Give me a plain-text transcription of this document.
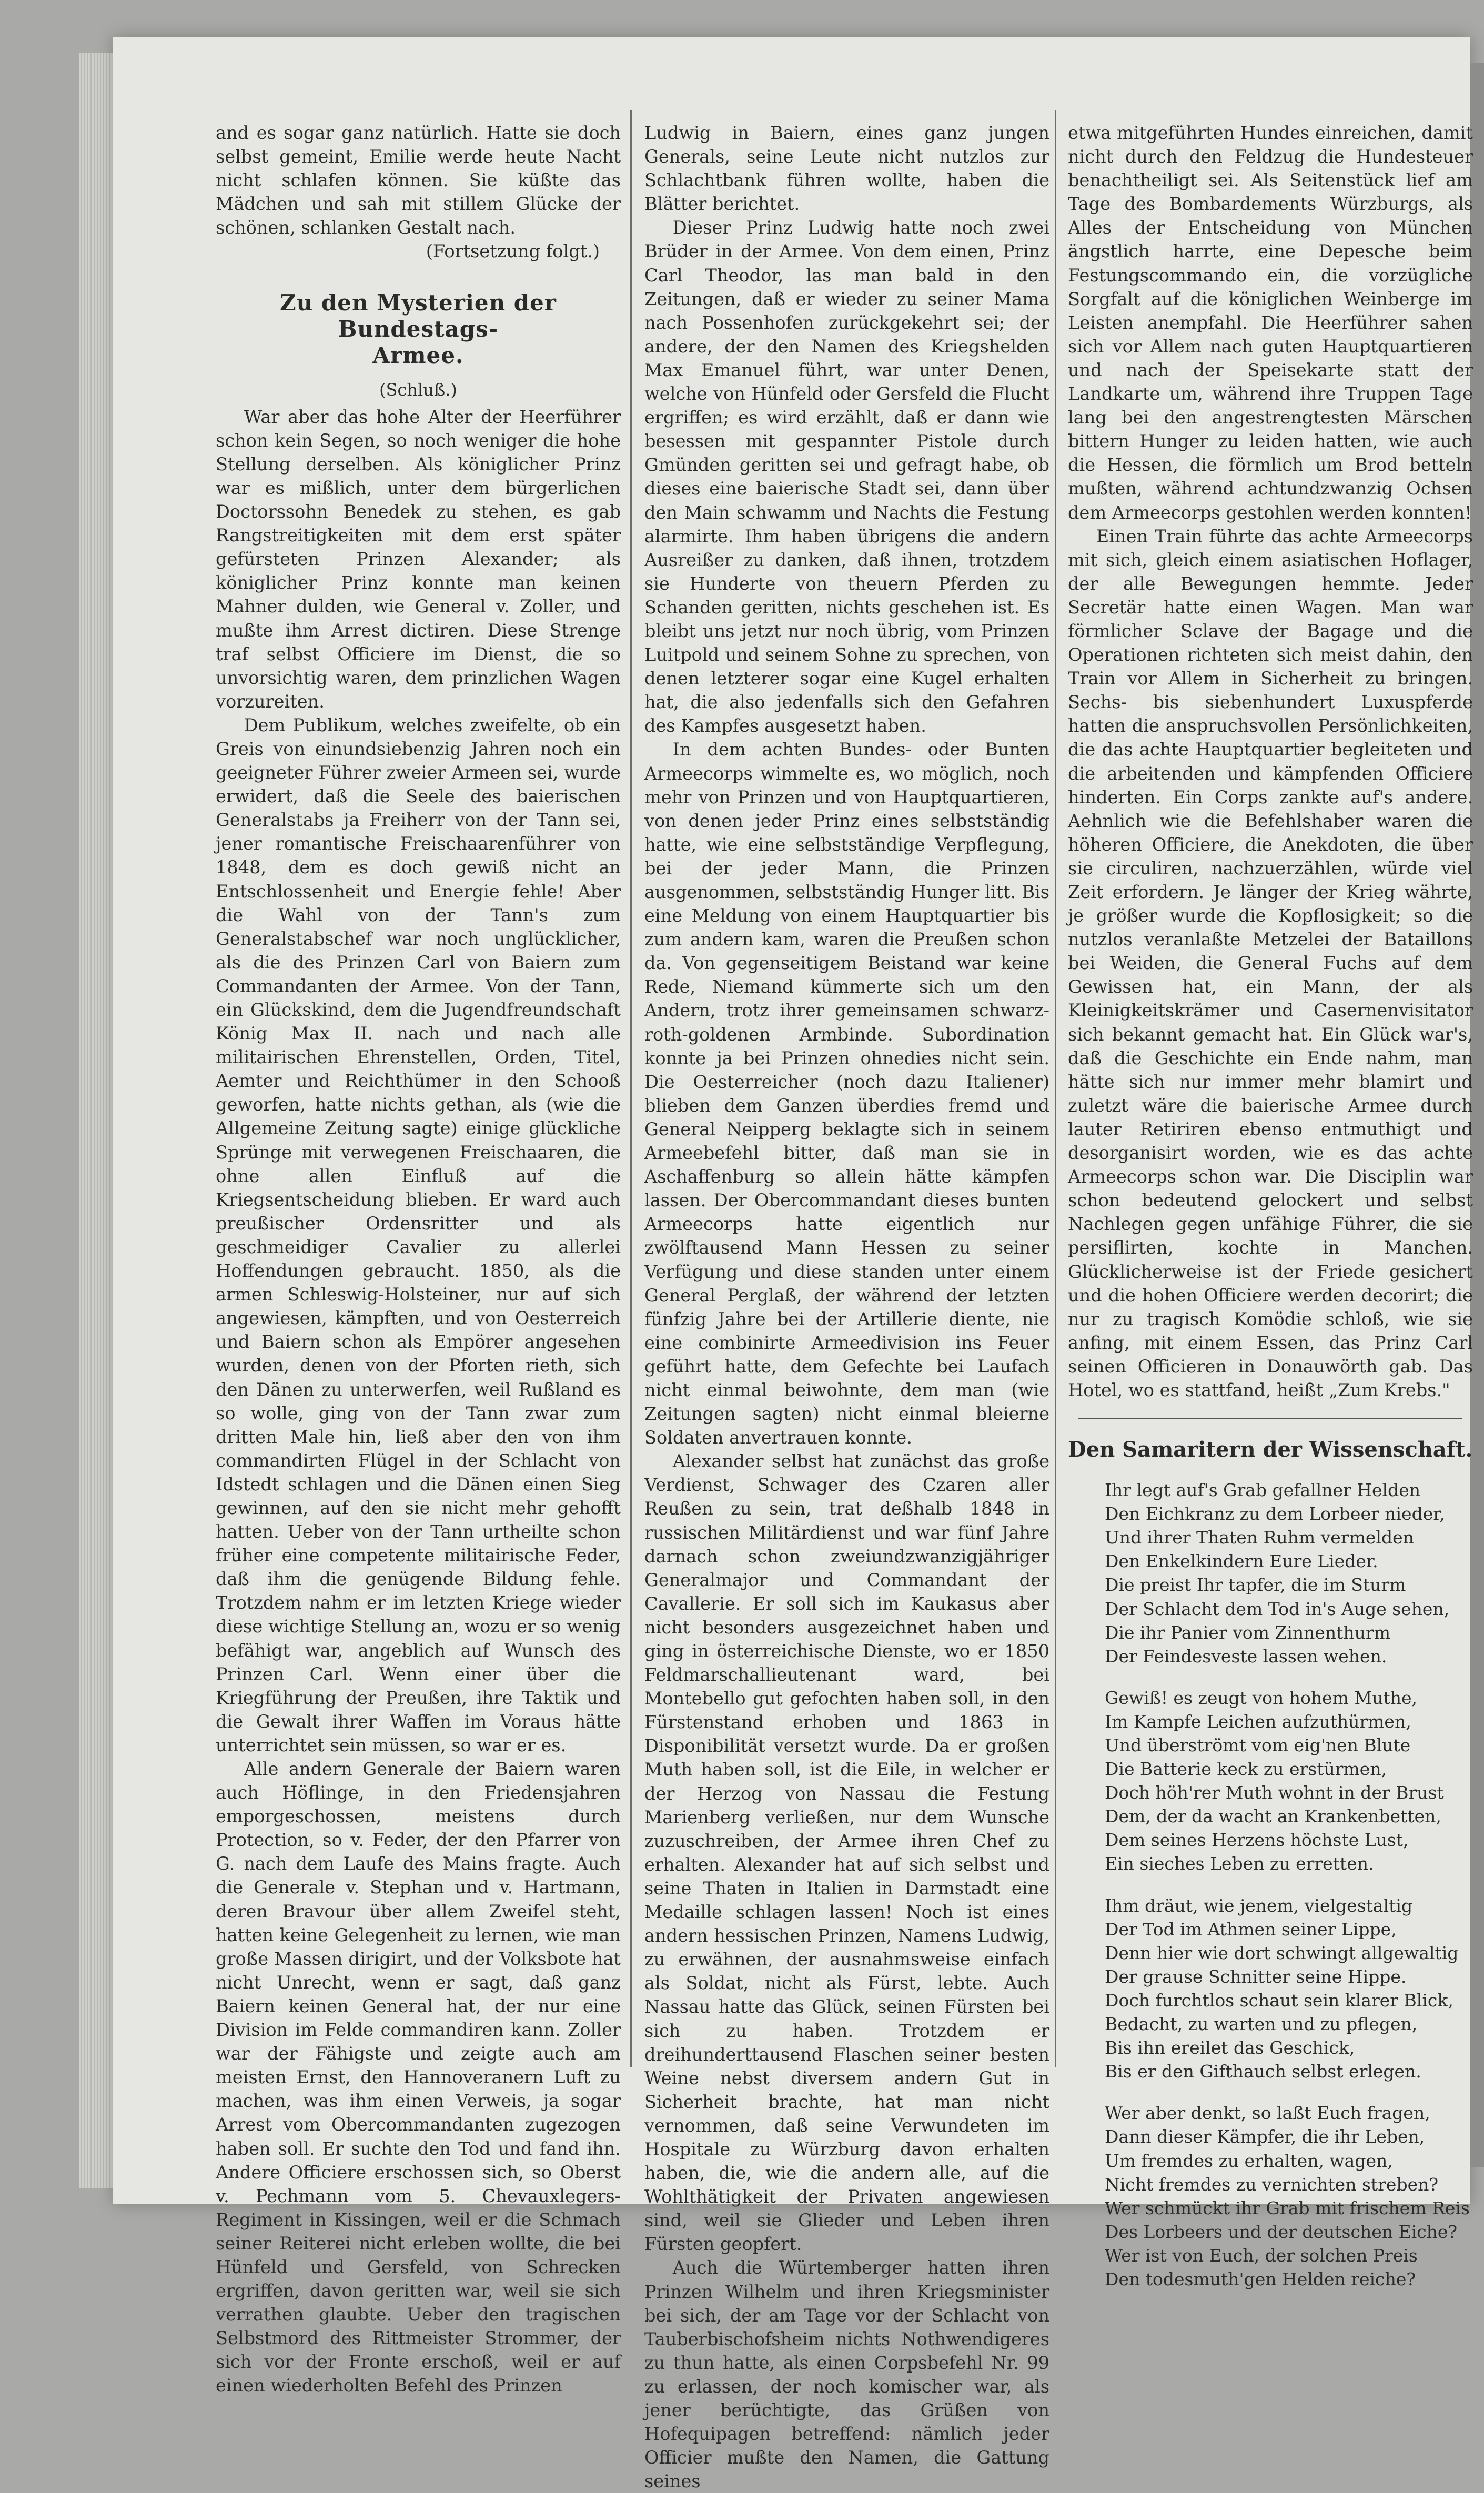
and es sogar ganz natürlich. Hatte sie doch selbst gemeint, Emilie werde heute Nacht nicht schlafen können. Sie küßte das Mädchen und sah mit stillem Glücke der schönen, schlanken Gestalt nach.

(Fortsetzung folgt.)

Zu den Mysterien der Bundestags-
Armee.
(Schluß.)

War aber das hohe Alter der Heerführer schon kein Segen, so noch weniger die hohe Stellung derselben. Als königlicher Prinz war es mißlich, unter dem bürgerlichen Doctorssohn Benedek zu stehen, es gab Rangstreitigkeiten mit dem erst später gefürsteten Prinzen Alexander; als königlicher Prinz konnte man keinen Mahner dulden, wie General v. Zoller, und mußte ihm Arrest dictiren. Diese Strenge traf selbst Officiere im Dienst, die so unvorsichtig waren, dem prinzlichen Wagen vorzureiten.

Dem Publikum, welches zweifelte, ob ein Greis von einundsiebenzig Jahren noch ein geeigneter Führer zweier Armeen sei, wurde erwidert, daß die Seele des baierischen Generalstabs ja Freiherr von der Tann sei, jener romantische Freischaarenführer von 1848, dem es doch gewiß nicht an Entschlossenheit und Energie fehle! Aber die Wahl von der Tann's zum Generalstabschef war noch unglücklicher, als die des Prinzen Carl von Baiern zum Commandanten der Armee. Von der Tann, ein Glückskind, dem die Jugendfreundschaft König Max II. nach und nach alle militairischen Ehrenstellen, Orden, Titel, Aemter und Reichthümer in den Schooß geworfen, hatte nichts gethan, als (wie die Allgemeine Zeitung sagte) einige glückliche Sprünge mit verwegenen Freischaaren, die ohne allen Einfluß auf die Kriegsentscheidung blieben. Er ward auch preußischer Ordensritter und als geschmeidiger Cavalier zu allerlei Hoffendungen gebraucht. 1850, als die armen Schleswig-Holsteiner, nur auf sich angewiesen, kämpften, und von Oesterreich und Baiern schon als Empörer angesehen wurden, denen von der Pforten rieth, sich den Dänen zu unterwerfen, weil Rußland es so wolle, ging von der Tann zwar zum dritten Male hin, ließ aber den von ihm commandirten Flügel in der Schlacht von Idstedt schlagen und die Dänen einen Sieg gewinnen, auf den sie nicht mehr gehofft hatten. Ueber von der Tann urtheilte schon früher eine competente militairische Feder, daß ihm die genügende Bildung fehle. Trotzdem nahm er im letzten Kriege wieder diese wichtige Stellung an, wozu er so wenig befähigt war, angeblich auf Wunsch des Prinzen Carl. Wenn einer über die Kriegführung der Preußen, ihre Taktik und die Gewalt ihrer Waffen im Voraus hätte unterrichtet sein müssen, so war er es.

Alle andern Generale der Baiern waren auch Höflinge, in den Friedensjahren emporgeschossen, meistens durch Protection, so v. Feder, der den Pfarrer von G. nach dem Laufe des Mains fragte. Auch die Generale v. Stephan und v. Hartmann, deren Bravour über allem Zweifel steht, hatten keine Gelegenheit zu lernen, wie man große Massen dirigirt, und der Volksbote hat nicht Unrecht, wenn er sagt, daß ganz Baiern keinen General hat, der nur eine Division im Felde commandiren kann. Zoller war der Fähigste und zeigte auch am meisten Ernst, den Hannoveranern Luft zu machen, was ihm einen Verweis, ja sogar Arrest vom Obercommandanten zugezogen haben soll. Er suchte den Tod und fand ihn. Andere Officiere erschossen sich, so Oberst v. Pechmann vom 5. Chevauxlegers-Regiment in Kissingen, weil er die Schmach seiner Reiterei nicht erleben wollte, die bei Hünfeld und Gersfeld, von Schrecken ergriffen, davon geritten war, weil sie sich verrathen glaubte. Ueber den tragischen Selbstmord des Rittmeister Strommer, der sich vor der Fronte erschoß, weil er auf einen wiederholten Befehl des Prinzen

Ludwig in Baiern, eines ganz jungen Generals, seine Leute nicht nutzlos zur Schlachtbank führen wollte, haben die Blätter berichtet.

Dieser Prinz Ludwig hatte noch zwei Brüder in der Armee. Von dem einen, Prinz Carl Theodor, las man bald in den Zeitungen, daß er wieder zu seiner Mama nach Possenhofen zurückgekehrt sei; der andere, der den Namen des Kriegshelden Max Emanuel führt, war unter Denen, welche von Hünfeld oder Gersfeld die Flucht ergriffen; es wird erzählt, daß er dann wie besessen mit gespannter Pistole durch Gmünden geritten sei und gefragt habe, ob dieses eine baierische Stadt sei, dann über den Main schwamm und Nachts die Festung alarmirte. Ihm haben übrigens die andern Ausreißer zu danken, daß ihnen, trotzdem sie Hunderte von theuern Pferden zu Schanden geritten, nichts geschehen ist. Es bleibt uns jetzt nur noch übrig, vom Prinzen Luitpold und seinem Sohne zu sprechen, von denen letzterer sogar eine Kugel erhalten hat, die also jedenfalls sich den Gefahren des Kampfes ausgesetzt haben.

In dem achten Bundes- oder Bunten Armeecorps wimmelte es, wo möglich, noch mehr von Prinzen und von Hauptquartieren, von denen jeder Prinz eines selbstständig hatte, wie eine selbstständige Verpflegung, bei der jeder Mann, die Prinzen ausgenommen, selbstständig Hunger litt. Bis eine Meldung von einem Hauptquartier bis zum andern kam, waren die Preußen schon da. Von gegenseitigem Beistand war keine Rede, Niemand kümmerte sich um den Andern, trotz ihrer gemeinsamen schwarz-roth-goldenen Armbinde. Subordination konnte ja bei Prinzen ohnedies nicht sein. Die Oesterreicher (noch dazu Italiener) blieben dem Ganzen überdies fremd und General Neipperg beklagte sich in seinem Armeebefehl bitter, daß man sie in Aschaffenburg so allein hätte kämpfen lassen. Der Obercommandant dieses bunten Armeecorps hatte eigentlich nur zwölftausend Mann Hessen zu seiner Verfügung und diese standen unter einem General Perglaß, der während der letzten fünfzig Jahre bei der Artillerie diente, nie eine combinirte Armeedivision ins Feuer geführt hatte, dem Gefechte bei Laufach nicht einmal beiwohnte, dem man (wie Zeitungen sagten) nicht einmal bleierne Soldaten anvertrauen konnte.

Alexander selbst hat zunächst das große Verdienst, Schwager des Czaren aller Reußen zu sein, trat deßhalb 1848 in russischen Militärdienst und war fünf Jahre darnach schon zweiundzwanzigjähriger Generalmajor und Commandant der Cavallerie. Er soll sich im Kaukasus aber nicht besonders ausgezeichnet haben und ging in österreichische Dienste, wo er 1850 Feldmarschallieutenant ward, bei Montebello gut gefochten haben soll, in den Fürstenstand erhoben und 1863 in Disponibilität versetzt wurde. Da er großen Muth haben soll, ist die Eile, in welcher er der Herzog von Nassau die Festung Marienberg verließen, nur dem Wunsche zuzuschreiben, der Armee ihren Chef zu erhalten. Alexander hat auf sich selbst und seine Thaten in Italien in Darmstadt eine Medaille schlagen lassen! Noch ist eines andern hessischen Prinzen, Namens Ludwig, zu erwähnen, der ausnahmsweise einfach als Soldat, nicht als Fürst, lebte. Auch Nassau hatte das Glück, seinen Fürsten bei sich zu haben. Trotzdem er dreihunderttausend Flaschen seiner besten Weine nebst diversem andern Gut in Sicherheit brachte, hat man nicht vernommen, daß seine Verwundeten im Hospitale zu Würzburg davon erhalten haben, die, wie die andern alle, auf die Wohlthätigkeit der Privaten angewiesen sind, weil sie Glieder und Leben ihren Fürsten geopfert.

Auch die Würtemberger hatten ihren Prinzen Wilhelm und ihren Kriegsminister bei sich, der am Tage vor der Schlacht von Tauberbischofsheim nichts Nothwendigeres zu thun hatte, als einen Corpsbefehl Nr. 99 zu erlassen, der noch komischer war, als jener berüchtigte, das Grüßen von Hofequipagen betreffend: nämlich jeder Officier mußte den Namen, die Gattung seines

etwa mitgeführten Hundes einreichen, damit nicht durch den Feldzug die Hundesteuer benachtheiligt sei. Als Seitenstück lief am Tage des Bombardements Würzburgs, als Alles der Entscheidung von München ängstlich harrte, eine Depesche beim Festungscommando ein, die vorzügliche Sorgfalt auf die königlichen Weinberge im Leisten anempfahl. Die Heerführer sahen sich vor Allem nach guten Hauptquartieren und nach der Speisekarte statt der Landkarte um, während ihre Truppen Tage lang bei den angestrengtesten Märschen bittern Hunger zu leiden hatten, wie auch die Hessen, die förmlich um Brod betteln mußten, während achtundzwanzig Ochsen dem Armeecorps gestohlen werden konnten!

Einen Train führte das achte Armeecorps mit sich, gleich einem asiatischen Hoflager, der alle Bewegungen hemmte. Jeder Secretär hatte einen Wagen. Man war förmlicher Sclave der Bagage und die Operationen richteten sich meist dahin, den Train vor Allem in Sicherheit zu bringen. Sechs- bis siebenhundert Luxuspferde hatten die anspruchsvollen Persönlichkeiten, die das achte Hauptquartier begleiteten und die arbeitenden und kämpfenden Officiere hinderten. Ein Corps zankte auf's andere. Aehnlich wie die Befehlshaber waren die höheren Officiere, die Anekdoten, die über sie circuliren, nachzuerzählen, würde viel Zeit erfordern. Je länger der Krieg währte, je größer wurde die Kopflosigkeit; so die nutzlos veranlaßte Metzelei der Bataillons bei Weiden, die General Fuchs auf dem Gewissen hat, ein Mann, der als Kleinigkeitskrämer und Casernenvisitator sich bekannt gemacht hat. Ein Glück war's, daß die Geschichte ein Ende nahm, man hätte sich nur immer mehr blamirt und zuletzt wäre die baierische Armee durch lauter Retiriren ebenso entmuthigt und desorganisirt worden, wie es das achte Armeecorps schon war. Die Disciplin war schon bedeutend gelockert und selbst Nachlegen gegen unfähige Führer, die sie persiflirten, kochte in Manchen. Glücklicherweise ist der Friede gesichert und die hohen Officiere werden decorirt; die nur zu tragisch Komödie schloß, wie sie anfing, mit einem Essen, das Prinz Carl seinen Officieren in Donauwörth gab. Das Hotel, wo es stattfand, heißt „Zum Krebs."

Den Samaritern der Wissenschaft.
Ihr legt auf's Grab gefallner Helden
Den Eichkranz zu dem Lorbeer nieder,
Und ihrer Thaten Ruhm vermelden
Den Enkelkindern Eure Lieder.
Die preist Ihr tapfer, die im Sturm
Der Schlacht dem Tod in's Auge sehen,
Die ihr Panier vom Zinnenthurm
Der Feindesveste lassen wehen.
Gewiß! es zeugt von hohem Muthe,
Im Kampfe Leichen aufzuthürmen,
Und überströmt vom eig'nen Blute
Die Batterie keck zu erstürmen,
Doch höh'rer Muth wohnt in der Brust
Dem, der da wacht an Krankenbetten,
Dem seines Herzens höchste Lust,
Ein sieches Leben zu erretten.
Ihm dräut, wie jenem, vielgestaltig
Der Tod im Athmen seiner Lippe,
Denn hier wie dort schwingt allgewaltig
Der grause Schnitter seine Hippe.
Doch furchtlos schaut sein klarer Blick,
Bedacht, zu warten und zu pflegen,
Bis ihn ereilet das Geschick,
Bis er den Gifthauch selbst erlegen.
Wer aber denkt, so laßt Euch fragen,
Dann dieser Kämpfer, die ihr Leben,
Um fremdes zu erhalten, wagen,
Nicht fremdes zu vernichten streben?
Wer schmückt ihr Grab mit frischem Reis
Des Lorbeers und der deutschen Eiche?
Wer ist von Euch, der solchen Preis
Den todesmuth'gen Helden reiche?
